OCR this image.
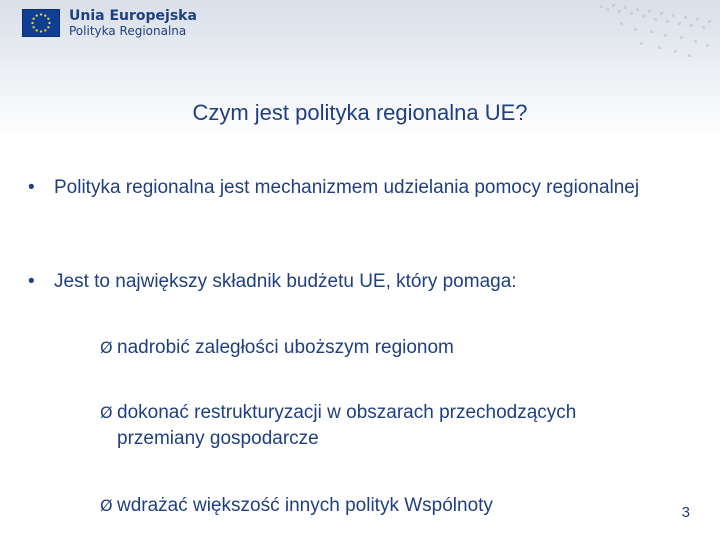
Unia Europejska
Polityka Regionalna
Czym jest polityka regionalna UE?
•	Polityka regionalna jest mechanizmem udzielania pomocy regionalnej
•	Jest to największy składnik budżetu UE, który pomaga:
Ø nadrobić zaległości uboższym regionom
Ø dokonać restrukturyzacji w obszarach przechodzących przemiany gospodarcze
Ø wdrażać większość innych polityk Wspólnoty	3
